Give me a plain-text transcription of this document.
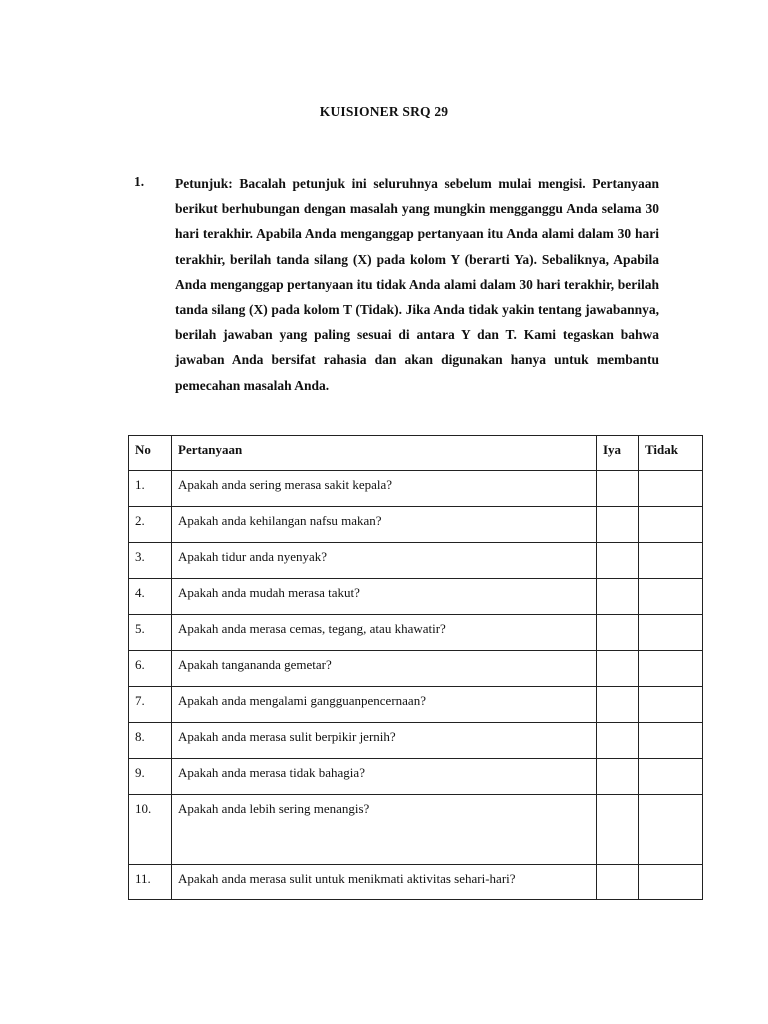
KUISIONER SRQ 29
1. Petunjuk: Bacalah petunjuk ini seluruhnya sebelum mulai mengisi. Pertanyaan berikut berhubungan dengan masalah yang mungkin mengganggu Anda selama 30 hari terakhir. Apabila Anda menganggap pertanyaan itu Anda alami dalam 30 hari terakhir, berilah tanda silang (X) pada kolom Y (berarti Ya). Sebaliknya, Apabila Anda menganggap pertanyaan itu tidak Anda alami dalam 30 hari terakhir, berilah tanda silang (X) pada kolom T (Tidak). Jika Anda tidak yakin tentang jawabannya, berilah jawaban yang paling sesuai di antara Y dan T. Kami tegaskan bahwa jawaban Anda bersifat rahasia dan akan digunakan hanya untuk membantu pemecahan masalah Anda.
No	Pertanyaan	Iya	Tidak
1.	Apakah anda sering merasa sakit kepala?		
2.	Apakah anda kehilangan nafsu makan?		
3.	Apakah tidur anda nyenyak?		
4.	Apakah anda mudah merasa takut?		
5.	Apakah anda merasa cemas, tegang, atau khawatir?		
6.	Apakah tangananda gemetar?		
7.	Apakah anda mengalami gangguanpencernaan?		
8.	Apakah anda merasa sulit berpikir jernih?		
9.	Apakah anda merasa tidak bahagia?		
10.	Apakah anda lebih sering menangis?		
11.	Apakah anda merasa sulit untuk menikmati aktivitas sehari-hari?		
